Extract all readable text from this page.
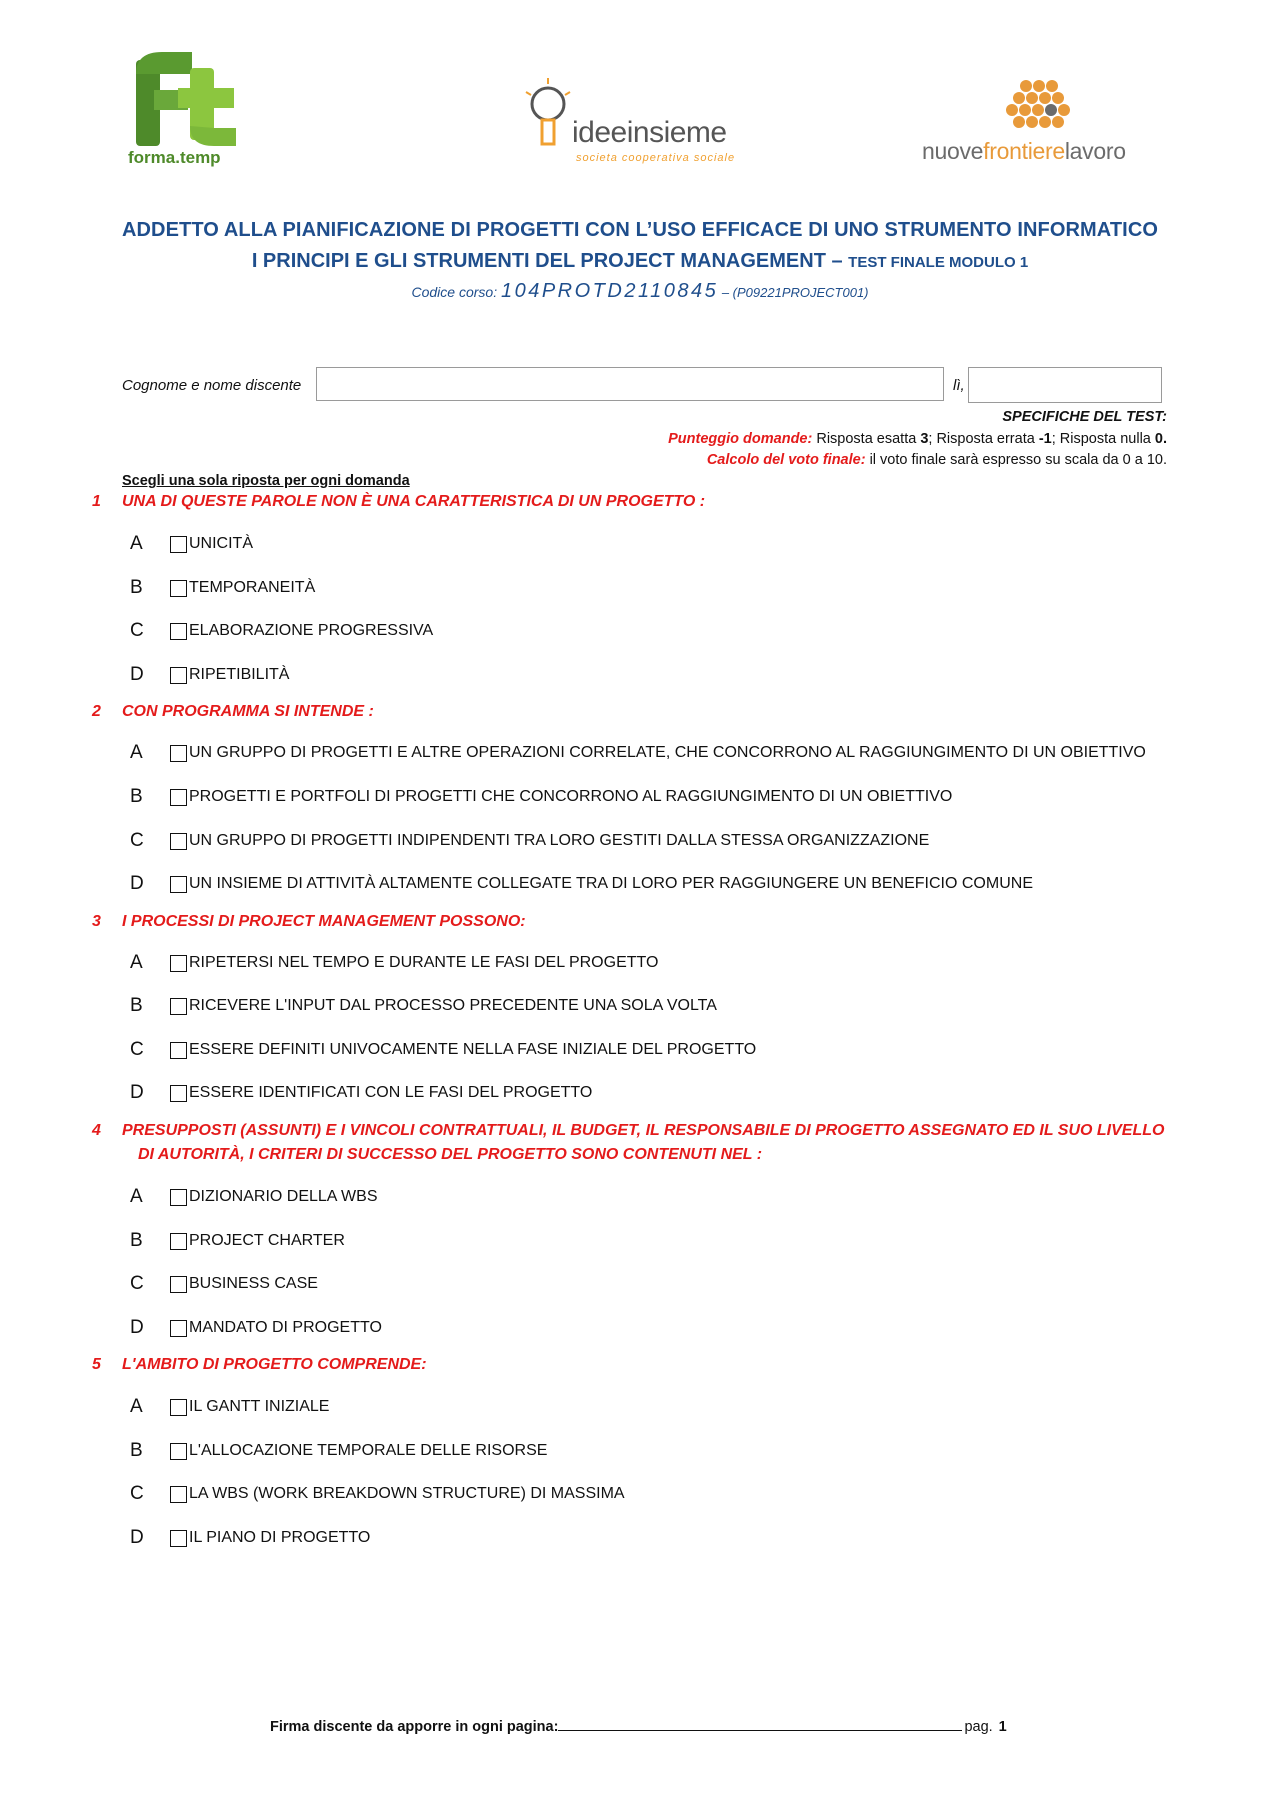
forma.temp
ideeinsieme
societa cooperativa sociale	nuovefrontierelavoro
ADDETTO ALLA PIANIFICAZIONE DI PROGETTI CON L’USO EFFICACE DI UNO STRUMENTO INFORMATICO
I PRINCIPI E GLI STRUMENTI DEL PROJECT MANAGEMENT – TEST FINALE MODULO 1
Codice corso: 104PROTD2110845 – (P09221PROJECT001)
Cognome e nome discente	lì,
SPECIFICHE DEL TEST:
Punteggio domande: Risposta esatta 3; Risposta errata -1; Risposta nulla 0.
Calcolo del voto finale: il voto finale sarà espresso su scala da 0 a 10.
Scegli una sola riposta per ogni domanda
1 UNA DI QUESTE PAROLE NON È UNA CARATTERISTICA DI UN PROGETTO :
A	UNICITÀ
B	TEMPORANEITÀ
C	ELABORAZIONE PROGRESSIVA
D	RIPETIBILITÀ
2 CON PROGRAMMA SI INTENDE :
A	UN GRUPPO DI PROGETTI E ALTRE OPERAZIONI CORRELATE, CHE CONCORRONO AL RAGGIUNGIMENTO DI UN OBIETTIVO
B	PROGETTI E PORTFOLI DI PROGETTI CHE CONCORRONO AL RAGGIUNGIMENTO DI UN OBIETTIVO
C	UN GRUPPO DI PROGETTI INDIPENDENTI TRA LORO GESTITI DALLA STESSA ORGANIZZAZIONE
D	UN INSIEME DI ATTIVITÀ ALTAMENTE COLLEGATE TRA DI LORO PER RAGGIUNGERE UN BENEFICIO COMUNE
3 I PROCESSI DI PROJECT MANAGEMENT POSSONO:
A	RIPETERSI NEL TEMPO E DURANTE LE FASI DEL PROGETTO
B	RICEVERE L'INPUT DAL PROCESSO PRECEDENTE UNA SOLA VOLTA
C	ESSERE DEFINITI UNIVOCAMENTE NELLA FASE INIZIALE DEL PROGETTO
D	ESSERE IDENTIFICATI CON LE FASI DEL PROGETTO
4 PRESUPPOSTI (ASSUNTI) E I VINCOLI CONTRATTUALI, IL BUDGET, IL RESPONSABILE DI PROGETTO ASSEGNATO ED IL SUO LIVELLO
DI AUTORITÀ, I CRITERI DI SUCCESSO DEL PROGETTO SONO CONTENUTI NEL :
A	DIZIONARIO DELLA WBS
B	PROJECT CHARTER
C	BUSINESS CASE
D	MANDATO DI PROGETTO
5 L'AMBITO DI PROGETTO COMPRENDE:
A	IL GANTT INIZIALE
B	L'ALLOCAZIONE TEMPORALE DELLE RISORSE
C	LA WBS (WORK BREAKDOWN STRUCTURE) DI MASSIMA
D	IL PIANO DI PROGETTO
Firma discente da apporre in ogni pagina:	pag. 1
